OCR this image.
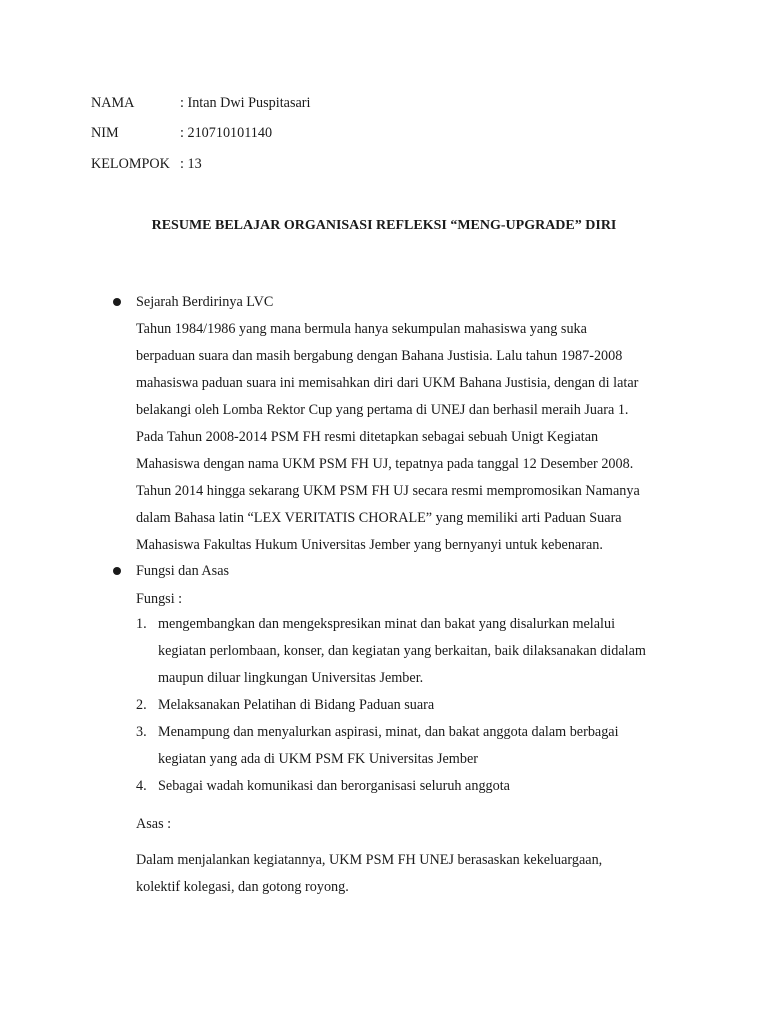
NAMA	: Intan Dwi Puspitasari
NIM	: 210710101140
KELOMPOK : 13
RESUME BELAJAR ORGANISASI REFLEKSI “MENG-UPGRADE” DIRI
Sejarah Berdirinya LVC
Tahun 1984/1986 yang mana bermula hanya sekumpulan mahasiswa yang suka
berpaduan suara dan masih bergabung dengan Bahana Justisia. Lalu tahun 1987-2008
mahasiswa paduan suara ini memisahkan diri dari UKM Bahana Justisia, dengan di latar
belakangi oleh Lomba Rektor Cup yang pertama di UNEJ dan berhasil meraih Juara 1.
Pada Tahun 2008-2014 PSM FH resmi ditetapkan sebagai sebuah Unigt Kegiatan
Mahasiswa dengan nama UKM PSM FH UJ, tepatnya pada tanggal 12 Desember 2008.
Tahun 2014 hingga sekarang UKM PSM FH UJ secara resmi mempromosikan Namanya
dalam Bahasa latin “LEX VERITATIS CHORALE” yang memiliki arti Paduan Suara
Mahasiswa Fakultas Hukum Universitas Jember yang bernyanyi untuk kebenaran.
Fungsi dan Asas
Fungsi :
1. mengembangkan dan mengekspresikan minat dan bakat yang disalurkan melalui
kegiatan perlombaan, konser, dan kegiatan yang berkaitan, baik dilaksanakan didalam
maupun diluar lingkungan Universitas Jember.
2. Melaksanakan Pelatihan di Bidang Paduan suara
3. Menampung dan menyalurkan aspirasi, minat, dan bakat anggota dalam berbagai
kegiatan yang ada di UKM PSM FK Universitas Jember
4. Sebagai wadah komunikasi dan berorganisasi seluruh anggota
Asas :
Dalam menjalankan kegiatannya, UKM PSM FH UNEJ berasaskan kekeluargaan,
kolektif kolegasi, dan gotong royong.
